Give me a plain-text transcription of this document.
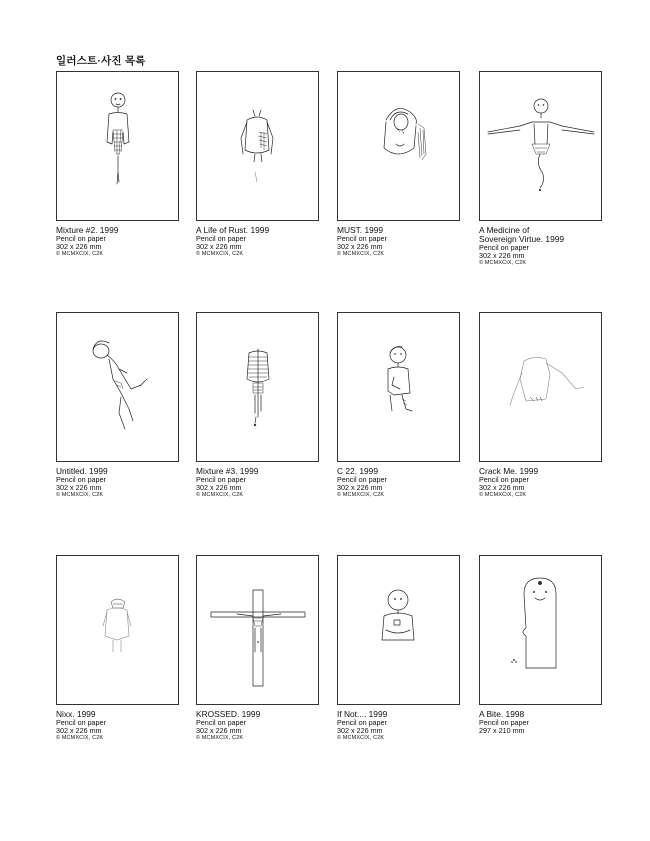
일러스트·사진 목록
Mixture #2. 1999
Pencil on paper
302 x 226 mm
© MCMXCIX, C2K
A Life of Rust. 1999
Pencil on paper
302 x 226 mm
© MCMXCIX, C2K
MUST. 1999
Pencil on paper
302 x 226 mm
© MCMXCIX, C2K
A Medicine of
Sovereign Virtue. 1999
Pencil on paper
302 x 226 mm
© MCMXCIX, C2K
Untitled. 1999
Pencil on paper
302 x 226 mm
© MCMXCIX, C2K
Mixture #3. 1999
Pencil on paper
302 x 226 mm
© MCMXCIX, C2K
C 22. 1999
Pencil on paper
302 x 226 mm
© MCMXCIX, C2K
Crack Me. 1999
Pencil on paper
302 x 226 mm
© MCMXCIX, C2K
Nixx. 1999
Pencil on paper
302 x 226 mm
© MCMXCIX, C2K
KROSSED. 1999
Pencil on paper
302 x 226 mm
© MCMXCIX, C2K
If Not.... 1999
Pencil on paper
302 x 226 mm
© MCMXCIX, C2K
A Bite. 1998
Pencil on paper
297 x 210 mm
